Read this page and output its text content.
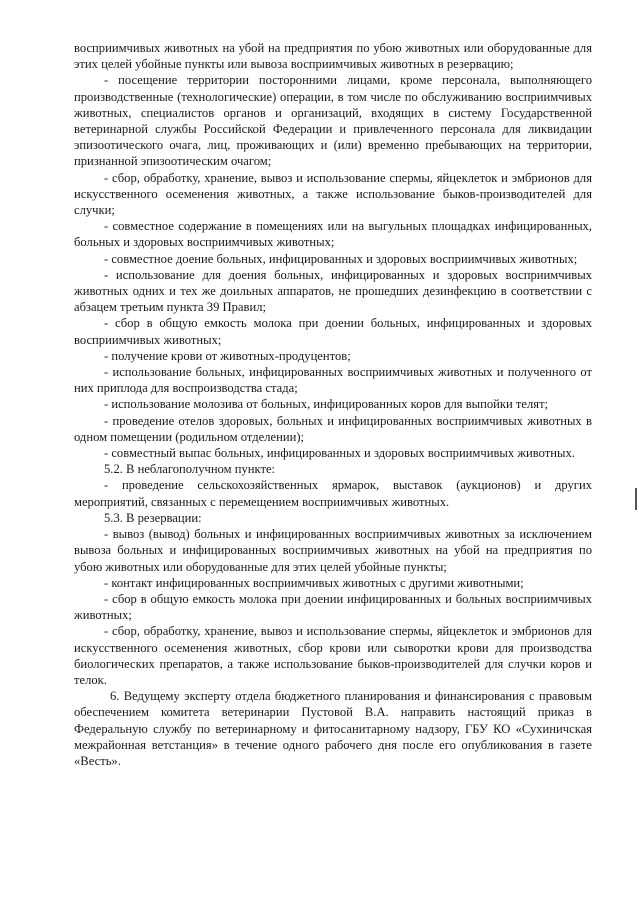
восприимчивых животных на убой на предприятия по убою животных или оборудованные для этих целей убойные пункты или вывоза восприимчивых животных в резервацию;

- посещение территории посторонними лицами, кроме персонала, выполняющего производственные (технологические) операции, в том числе по обслуживанию восприимчивых животных, специалистов органов и организаций, входящих в систему Государственной ветеринарной службы Российской Федерации и привлеченного персонала для ликвидации эпизоотического очага, лиц, проживающих и (или) временно пребывающих на территории, признанной эпизоотическим очагом;

- сбор, обработку, хранение, вывоз и использование спермы, яйцеклеток и эмбрионов для искусственного осеменения животных, а также использование быков-производителей для случки;

- совместное содержание в помещениях или на выгульных площадках инфицированных, больных и здоровых восприимчивых животных;

- совместное доение больных, инфицированных и здоровых восприимчивых животных;

- использование для доения больных, инфицированных и здоровых восприимчивых животных одних и тех же доильных аппаратов, не прошедших дезинфекцию в соответствии с абзацем третьим пункта 39 Правил;

- сбор в общую емкость молока при доении больных, инфицированных и здоровых восприимчивых животных;

- получение крови от животных-продуцентов;

- использование больных, инфицированных восприимчивых животных и полученного от них приплода для воспроизводства стада;

- использование молозива от больных, инфицированных коров для выпойки телят;

- проведение отелов здоровых, больных и инфицированных восприимчивых животных в одном помещении (родильном отделении);

- совместный выпас больных, инфицированных и здоровых восприимчивых животных.

5.2. В неблагополучном пункте:

- проведение сельскохозяйственных ярмарок, выставок (аукционов) и других мероприятий, связанных с перемещением восприимчивых животных.

5.3. В резервации:

- вывоз (вывод) больных и инфицированных восприимчивых животных за исключением вывоза больных и инфицированных восприимчивых животных на убой на предприятия по убою животных или оборудованные для этих целей убойные пункты;

- контакт инфицированных восприимчивых животных с другими животными;

- сбор в общую емкость молока при доении инфицированных и больных восприимчивых животных;

- сбор, обработку, хранение, вывоз и использование спермы, яйцеклеток и эмбрионов для искусственного осеменения животных, сбор крови или сыворотки крови для производства биологических препаратов, а также использование быков-производителей для случки коров и телок.

6. Ведущему эксперту отдела бюджетного планирования и финансирования с правовым обеспечением комитета ветеринарии Пустовой В.А. направить настоящий приказ в Федеральную службу по ветеринарному и фитосанитарному надзору, ГБУ КО «Сухиничская межрайонная ветстанция» в течение одного рабочего дня после его опубликования в газете «Весть».
